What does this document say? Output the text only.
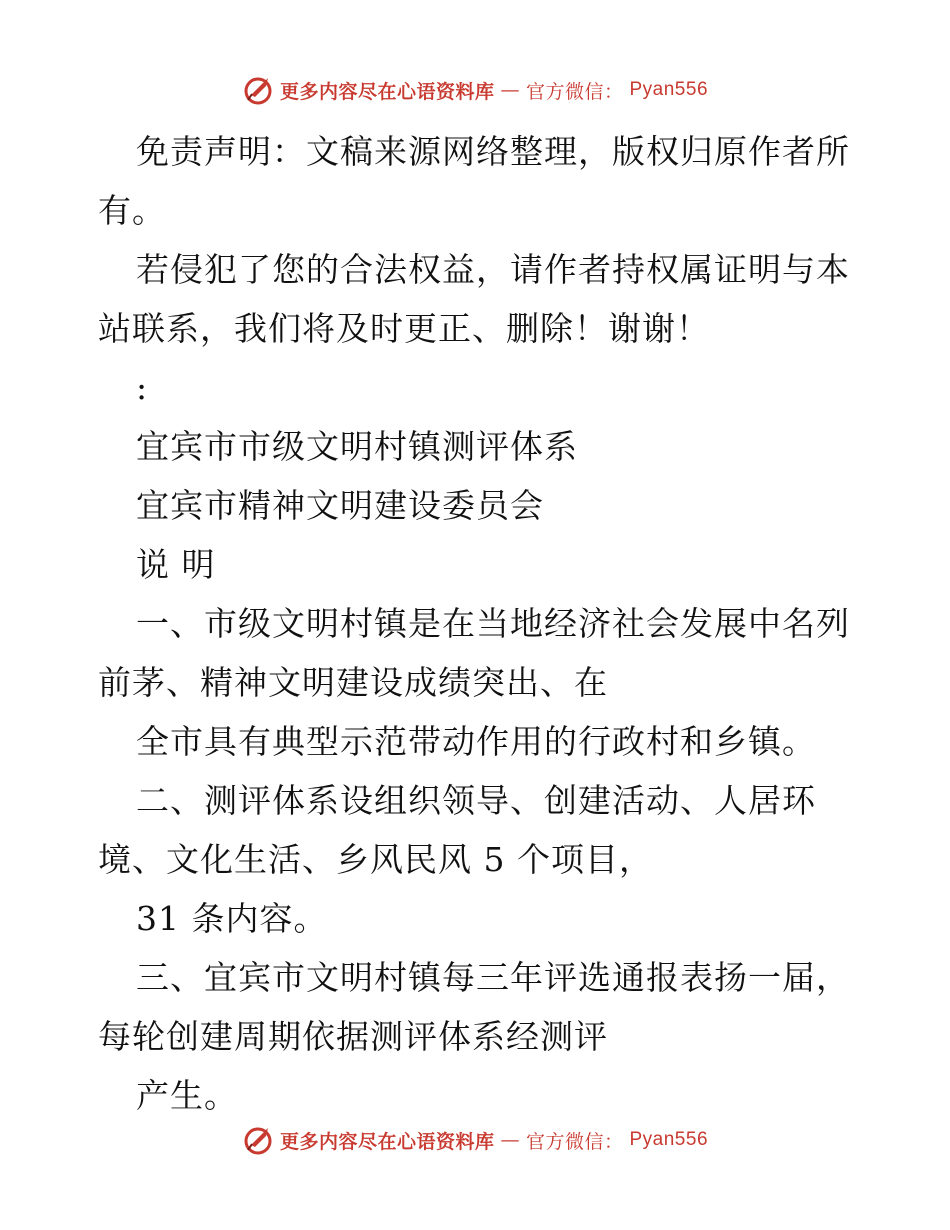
更多内容尽在心语资料库 — 官方微信： Pyan556

免责声明：文稿来源网络整理，版权归原作者所

有。

若侵犯了您的合法权益，请作者持权属证明与本

站联系，我们将及时更正、删除！谢谢！

:

宜宾市市级文明村镇测评体系

宜宾市精神文明建设委员会

说 明

一、市级文明村镇是在当地经济社会发展中名列

前茅、精神文明建设成绩突出、在

全市具有典型示范带动作用的行政村和乡镇。

二、测评体系设组织领导、创建活动、人居环

境、文化生活、乡风民风 5 个项目，

31 条内容。

三、宜宾市文明村镇每三年评选通报表扬一届，

每轮创建周期依据测评体系经测评

产生。

更多内容尽在心语资料库 — 官方微信： Pyan556
